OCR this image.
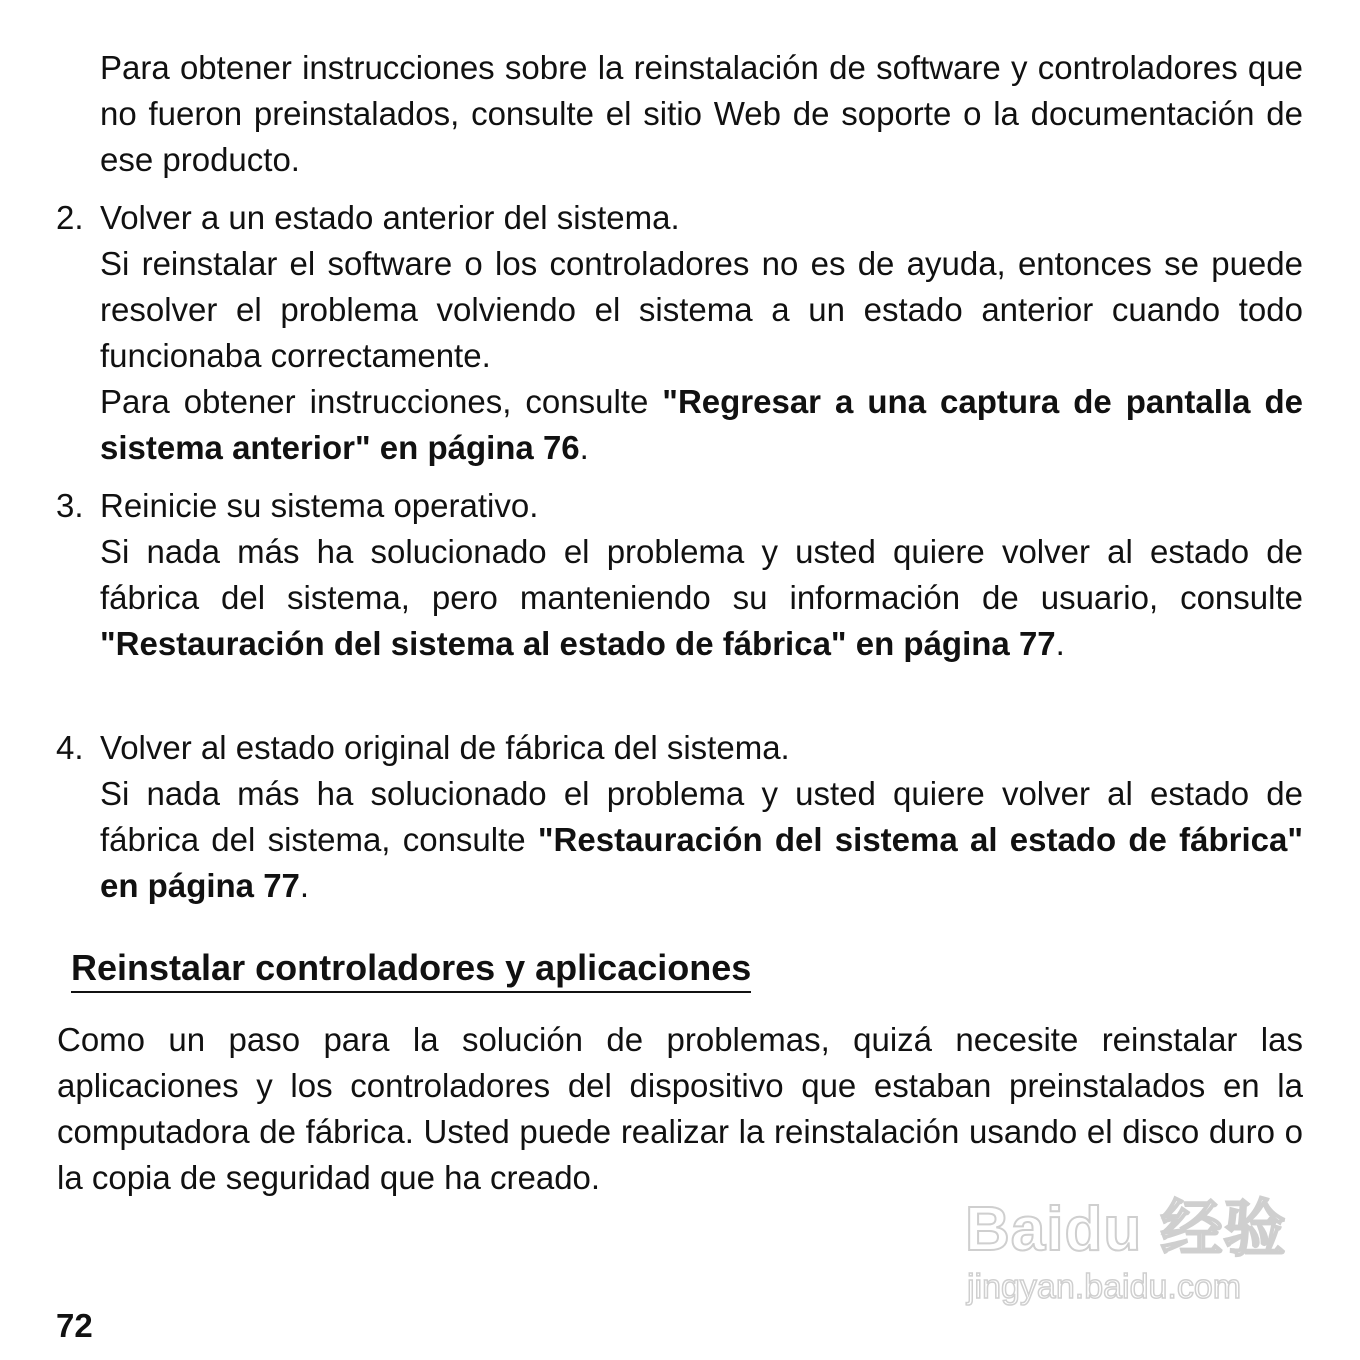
Para obtener instrucciones sobre la reinstalación de software y controladores que no fueron preinstalados, consulte el sitio Web de soporte o la documentación de ese producto.

2. Volver a un estado anterior del sistema.

Si reinstalar el software o los controladores no es de ayuda, entonces se puede resolver el problema volviendo el sistema a un estado anterior cuando todo funcionaba correctamente.

Para obtener instrucciones, consulte "Regresar a una captura de pantalla de sistema anterior" en página 76.

3. Reinicie su sistema operativo.

Si nada más ha solucionado el problema y usted quiere volver al estado de fábrica del sistema, pero manteniendo su información de usuario, consulte "Restauración del sistema al estado de fábrica" en página 77.

4. Volver al estado original de fábrica del sistema.

Si nada más ha solucionado el problema y usted quiere volver al estado de fábrica del sistema, consulte "Restauración del sistema al estado de fábrica" en página 77.

Reinstalar controladores y aplicaciones

Como un paso para la solución de problemas, quizá necesite reinstalar las aplicaciones y los controladores del dispositivo que estaban preinstalados en la computadora de fábrica. Usted puede realizar la reinstalación usando el disco duro o la copia de seguridad que ha creado.

72
Baidu 经验
jingyan.baidu.com
